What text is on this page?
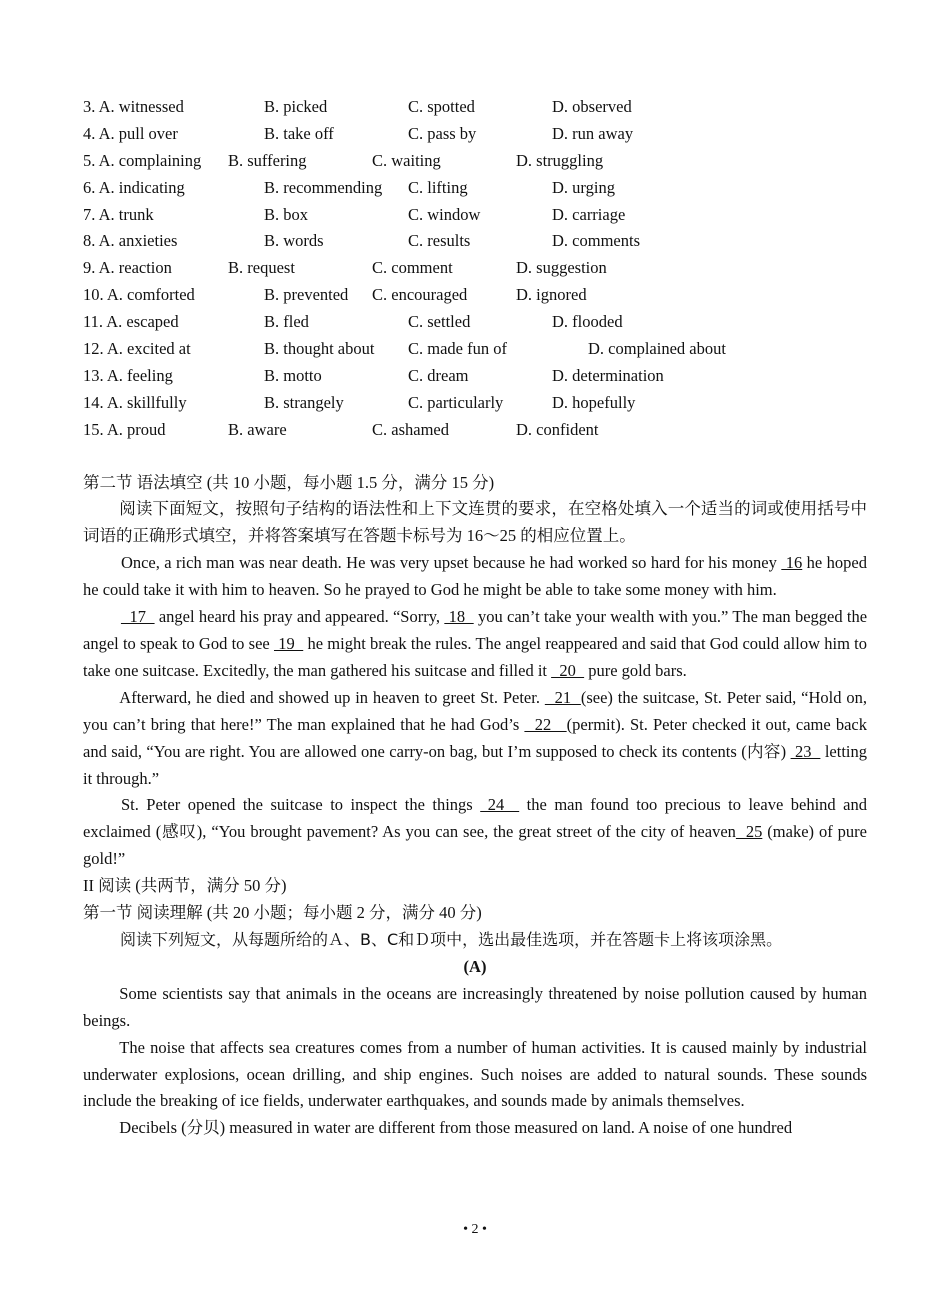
3. A. witnessed	B. picked	C. spotted	D. observed
4. A. pull over	B. take off	C. pass by	D. run away
5. A. complaining B. suffering	C. waiting	D. struggling
6. A. indicating	B. recommending C. lifting	D. urging
7. A. trunk	B. box	C. window	D. carriage
8. A. anxieties	B. words	C. results	D. comments
9. A. reaction	B. request	C. comment	D. suggestion
10. A. comforted	B. prevented C. encouraged	D. ignored
11. A. escaped	B. fled	C. settled	D. flooded
12. A. excited at	B. thought about C. made fun of	D. complained about
13. A. feeling	B. motto	C. dream	D. determination
14. A. skillfully	B. strangely	C. particularly	D. hopefully
15. A. proud	B. aware	C. ashamed	D. confident
第二节 语法填空 (共 10 小题，每小题 1.5 分，满分 15 分)

阅读下面短文，按照句子结构的语法性和上下文连贯的要求，在空格处填入一个适当的词或使用括号中词语的正确形式填空，并将答案填写在答题卡标号为 16～25 的相应位置上。

Once, a rich man was near death. He was very upset because he had worked so hard for his money  16 he hoped he could take it with him to heaven. So he prayed to God he might be able to take some money with him.

17   angel heard his pray and appeared. “Sorry,  18   you can’t take your wealth with you.” The man begged the angel to speak to God to see  19   he might break the rules. The angel reappeared and said that God could allow him to take one suitcase. Excitedly, the man gathered his suitcase and filled it   20   pure gold bars.

Afterward, he died and showed up in heaven to greet St. Peter.   21  (see) the suitcase, St. Peter said, “Hold on, you can’t bring that here!” The man explained that he had God’s   22   (permit). St. Peter checked it out, came back and said, “You are right. You are allowed one carry-on bag, but I’m supposed to check its contents (内容)  23   letting it through.”

St. Peter opened the suitcase to inspect the things  24   the man found too precious to leave behind and exclaimed (感叹), “You brought pavement? As you can see, the great street of the city of heaven  25 (make) of pure gold!”

II 阅读 (共两节，满分 50 分)
第一节 阅读理解 (共 20 小题；每小题 2 分，满分 40 分)
阅读下列短文，从每题所给的Ａ、B、C和Ｄ项中，选出最佳选项，并在答题卡上将该项涂黑。
(A)

Some scientists say that animals in the oceans are increasingly threatened by noise pollution caused by human beings.

The noise that affects sea creatures comes from a number of human activities. It is caused mainly by industrial underwater explosions, ocean drilling, and ship engines. Such noises are added to natural sounds. These sounds include the breaking of ice fields, underwater earthquakes, and sounds made by animals themselves.

Decibels (分贝) measured in water are different from those measured on land. A noise of one hundred

• 2 •
